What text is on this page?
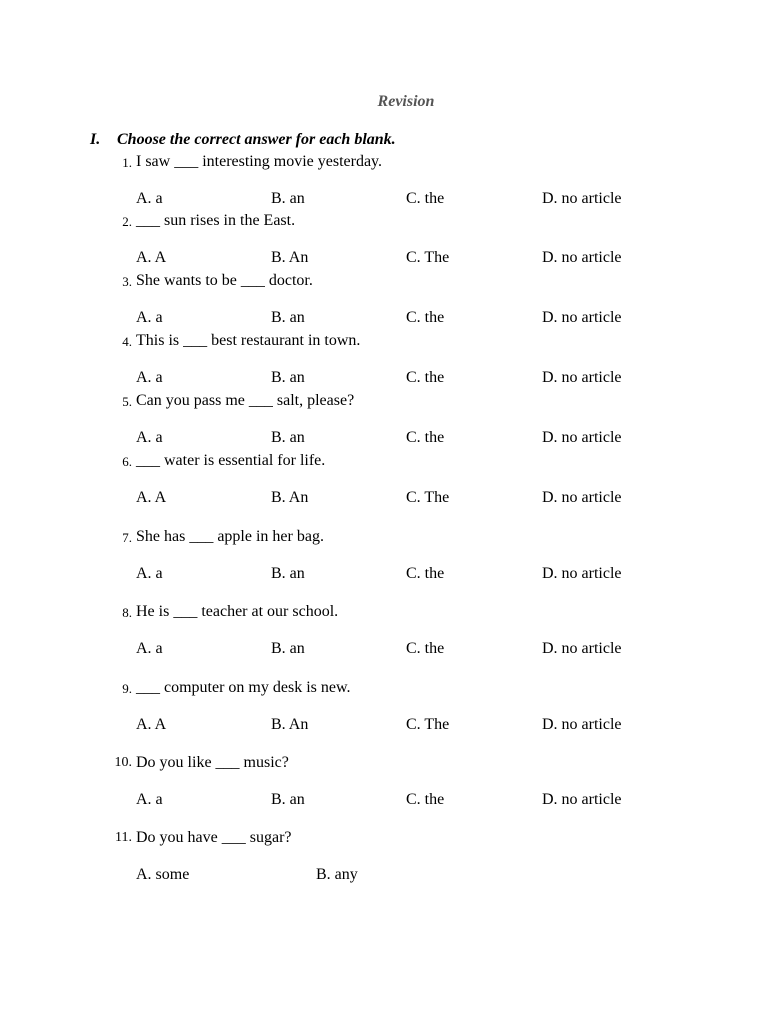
Revision
I. Choose the correct answer for each blank.
1. I saw ___ interesting movie yesterday.
A. a	B. an	C. the	D. no article
2. ___ sun rises in the East.
A. A	B. An	C. The	D. no article
3. She wants to be ___ doctor.
A. a	B. an	C. the	D. no article
4. This is ___ best restaurant in town.
A. a	B. an	C. the	D. no article
5. Can you pass me ___ salt, please?
A. a	B. an	C. the	D. no article
6. ___ water is essential for life.
A. A	B. An	C. The	D. no article
7. She has ___ apple in her bag.
A. a	B. an	C. the	D. no article
8. He is ___ teacher at our school.
A. a	B. an	C. the	D. no article
9. ___ computer on my desk is new.
A. A	B. An	C. The	D. no article
10. Do you like ___ music?
A. a	B. an	C. the	D. no article
11. Do you have ___ sugar?
A. some	B. any
